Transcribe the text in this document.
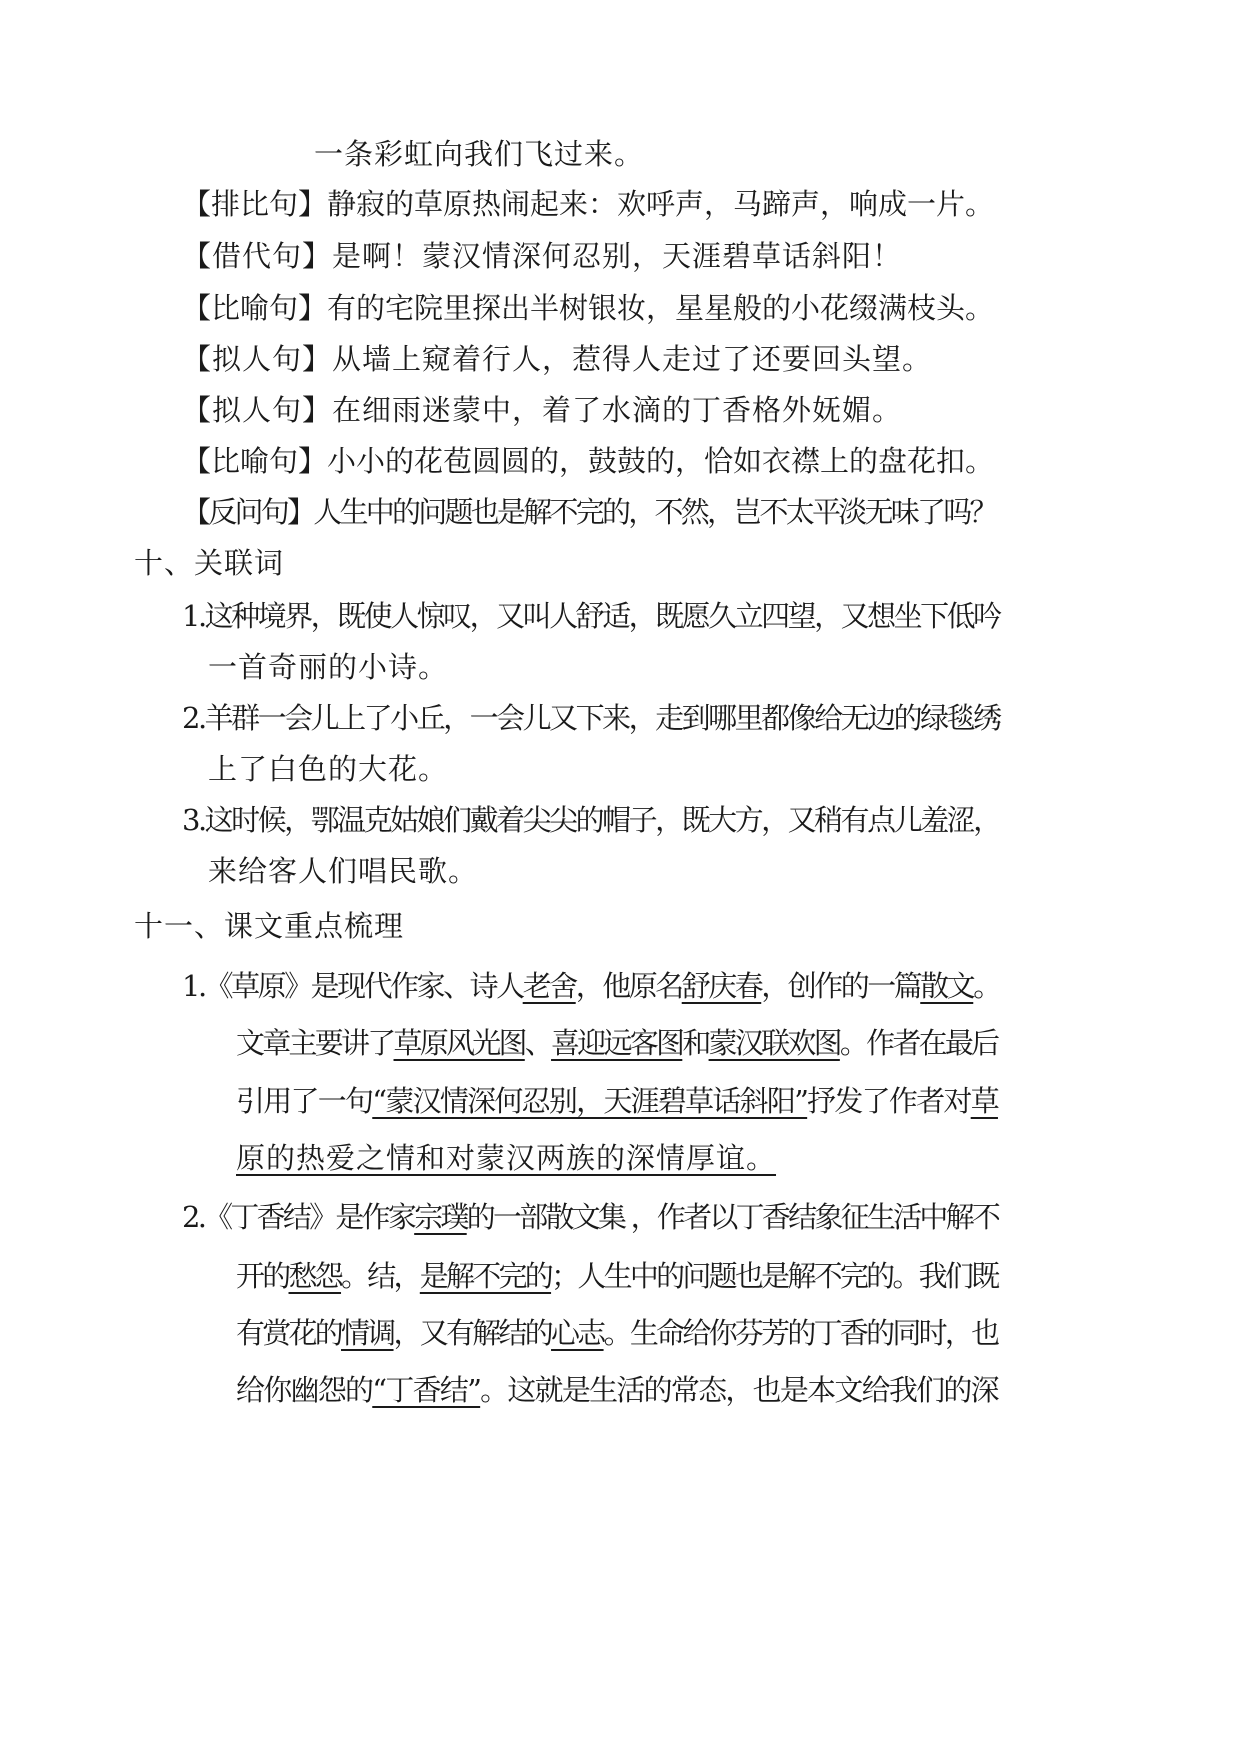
一条彩虹向我们飞过来。
【排比句】静寂的草原热闹起来：欢呼声，马蹄声，响成一片。
【借代句】是啊！蒙汉情深何忍别，天涯碧草话斜阳！
【比喻句】有的宅院里探出半树银妆，星星般的小花缀满枝头。
【拟人句】从墙上窥着行人，惹得人走过了还要回头望。
【拟人句】在细雨迷蒙中，着了水滴的丁香格外妩媚。
【比喻句】小小的花苞圆圆的，鼓鼓的，恰如衣襟上的盘花扣。
【反问句】人生中的问题也是解不完的，不然，岂不太平淡无味了吗？
十、关联词
1.这种境界，既使人惊叹，又叫人舒适，既愿久立四望，又想坐下低吟
一首奇丽的小诗。
2.羊群一会儿上了小丘，一会儿又下来，走到哪里都像给无边的绿毯绣
上了白色的大花。
3.这时候，鄂温克姑娘们戴着尖尖的帽子，既大方，又稍有点儿羞涩，
来给客人们唱民歌。
十一、课文重点梳理
1.《草原》是现代作家、诗人老舍，他原名舒庆春，创作的一篇散文。
文章主要讲了草原风光图、喜迎远客图和蒙汉联欢图。作者在最后
引用了一句“蒙汉情深何忍别，天涯碧草话斜阳”抒发了作者对草
原的热爱之情和对蒙汉两族的深情厚谊。
2.《丁香结》是作家宗璞的一部散文集 ，作者以丁香结象征生活中解不
开的愁怨。结，是解不完的；人生中的问题也是解不完的。我们既
有赏花的情调，又有解结的心志。生命给你芬芳的丁香的同时，也
给你幽怨的“丁香结”。这就是生活的常态，也是本文给我们的深
